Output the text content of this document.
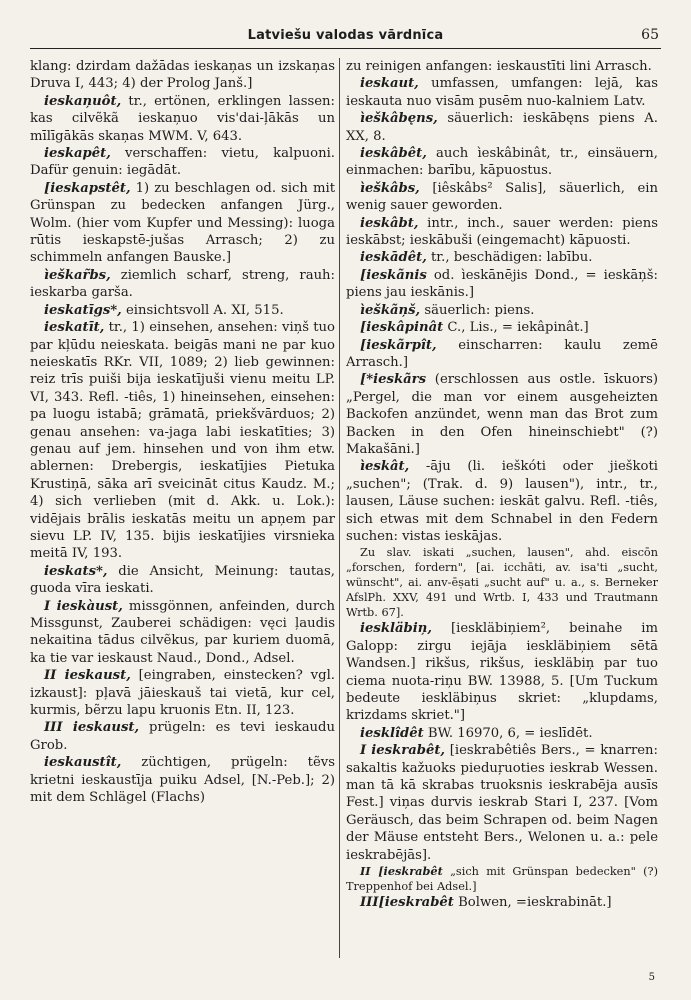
Latviešu valodas vārdnīca	65

klang: dzirdam dažādas ieskaņas un izskaņas Druva I, 443; 4) der Prolog Janš.]

ieskaņuôt, tr., ertönen, erklingen lassen: kas cilvẽkã ieskaņuo vis'dai-ļākās un mīlīgākās skaņas MWM. V, 643.

ieskapêt, verschaffen: vietu, kalpuoni. Dafür genuin: iegādāt.

[ieskapstêt, 1) zu beschlagen od. sich mit Grünspan zu bedecken anfangen Jürg., Wolm. (hier vom Kupfer und Messing): luoga rūtis ieskapstē-jušas Arrasch; 2) zu schimmeln anfangen Bauske.]

ìeškar̃bs, ziemlich scharf, streng, rauh: ieskarba garša.

ieskatīgs*, einsichtsvoll A. XI, 515.

ieskatīt, tr., 1) einsehen, ansehen: viņš tuo par kļūdu neieskata. beigās mani ne par kuo neieskatīs RKr. VII, 1089; 2) lieb gewinnen: reiz trīs puiši bija ieskatījuši vienu meitu LP. VI, 343. Refl. -tiês, 1) hineinsehen, einsehen: pa luogu istabā; grāmatā, priekšvārduos; 2) genau ansehen: va-jaga labi ieskatīties; 3) genau auf jem. hinsehen und von ihm etw. ablernen: Drebergis, ieskatījies Pietuka Krustiņā, sāka arī sveicināt citus Kaudz. M.; 4) sich verlieben (mit d. Akk. u. Lok.): vidējais brālis ieskatās meitu un apņem par sievu LP. IV, 135. bijis ieskatījies virsnieka meitā IV, 193.

ieskats*, die Ansicht, Meinung: tautas, guoda vīra ieskati.

I ieskàust, missgönnen, anfeinden, durch Missgunst, Zauberei schädigen: vęci ļaudis nekaitina tādus cilvẽkus, par kuriem duomā, ka tie var ieskaust Naud., Dond., Adsel.

II ieskaust, [eingraben, einstecken? vgl. izkaust]: pļavā jāieskauš tai vietā, kur cel, kurmis, bẽrzu lapu kruonis Etn. II, 123.

III ieskaust, prügeln: es tevi ieskaudu Grob.

ieskaustît, züchtigen, prügeln: tẽvs krietni ieskaustīja puiku Adsel, [N.-Peb.]; 2) mit dem Schlägel (Flachs)

zu reinigen anfangen: ieskaustīti lini Arrasch.

ieskaut, umfassen, umfangen: lejā, kas ieskauta nuo visām pusēm nuo-kalniem Latv.

ìeškâbęns, säuerlich: ieskābęns piens A. XX, 8.

ieskâbêt, auch ìeskâbinât, tr., einsäuern, einmachen: barību, kāpuostus.

ìeškâbs, [iêskâbs² Salis], säuerlich, ein wenig sauer geworden.

ieskâbt, intr., inch., sauer werden: piens ieskābst; ieskābuši (eingemacht) kāpuosti.

ieskādêt, tr., beschädigen: labību.

[ieskãnis od. ìeskānējis Dond., = ieskāņš: piens jau ieskānis.]

ìeškãņš, säuerlich: piens.

[ieskâpinât C., Lis., = iekâpinât.]

[ieskãrpît, einscharren: kaulu zemē Arrasch.]

[*ieskãrs (erschlossen aus ostle. īskuors) „Pergel, die man vor einem ausgeheizten Backofen anzündet, wenn man das Brot zum Backen in den Ofen hineinschiebt" (?) Makašāni.]

ìeskât, -āju (li. ieškóti oder jieškoti „suchen"; (Trak. d. 9) lausen"), intr., tr., lausen, Läuse suchen: ieskāt galvu. Refl. -tiês, sich etwas mit dem Schnabel in den Federn suchen: vistas ieskājas.

Zu slav. iskati „suchen, lausen", ahd. eiscōn „forschen, fordern", [ai. icchāti, av. isa'ti „sucht, wünscht", ai. anv-ēṣati „sucht auf" u. a., s. Berneker AfslPh. XXV, 491 und Wrtb. I, 433 und Trautmann Wrtb. 67].

ieskläbiņ, [ieskläbiņiem², beinahe im Galopp: zirgu iejāja ieskläbiņiem sētā Wandsen.] rikšus, rikšus, ieskläbiņ par tuo ciema nuota-riņu BW. 13988, 5. [Um Tuckum bedeute ieskläbiņus skriet: „klupdams, krizdams skriet."]

iesklîdêt BW. 16970, 6, = ieslīdēt.

I ieskrabêt, [ieskrabêtiês Bers., = knarren: sakaltis kažuoks pieduŗuoties ieskrab Wessen. man tā kā skrabas truoksnis ieskrabēja ausīs Fest.] viņas durvis ieskrab Stari I, 237. [Vom Geräusch, das beim Schrapen od. beim Nagen der Mäuse entsteht Bers., Welonen u. a.: pele ieskrabējās].

II [ieskrabêt „sich mit Grünspan bedecken" (?) Treppenhof bei Adsel.]

III[ieskrabêt Bolwen, =ieskrabināt.]

5
